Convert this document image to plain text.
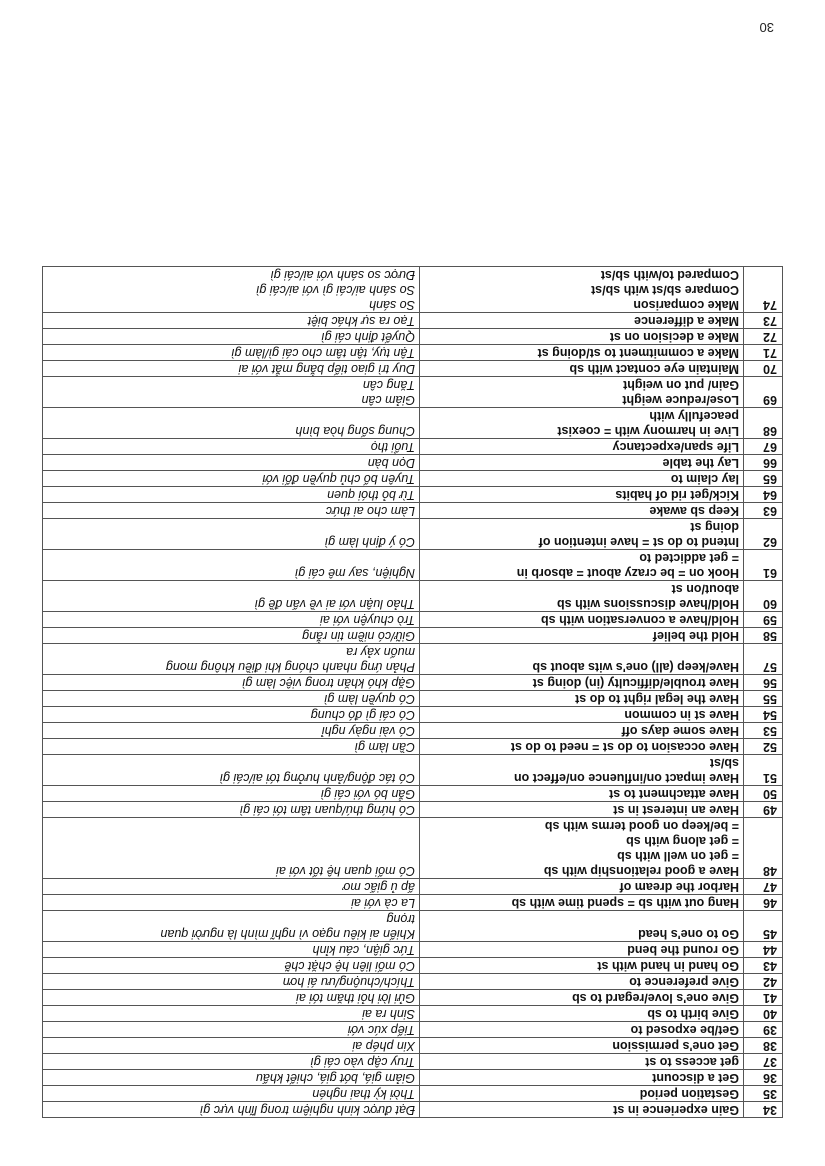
30
34	Gain experience in st	Đạt được kinh nghiệm trong lĩnh vực gì

35	Gestation period	Thời kỳ thai nghén

36	Get a discount	Giảm giá, bớt giá, chiết khấu

37	get access to st	Truy cập vào cái gì

38	Get one's permission	Xin phép ai

39	Get/be exposed to	Tiếp xúc với

40	Give birth to sb	Sinh ra ai

41	Give one's love/regard to sb	Gửi lời hỏi thăm tới ai

42	Give preference to	Thích/chuộng/ưu ái hơn

43	Go hand in hand with st	Có mối liên hệ chặt chẽ

44	Go round the bend	Tức giận, cáu kỉnh

45	Go to one's head	Khiến ai kiêu ngạo vì nghĩ mình là người quan
trọng

46	Hang out with sb = spend time with sb	La cà với ai

47	Harbor the dream of	ấp ủ giấc mơ

48	Have a good relationship with sb
= get on well with sb
= get along with sb
= be/keep on good terms with sb	Có mối quan hệ tốt với ai

49	Have an interest in st	Có hứng thú/quan tâm tới cái gì

50	Have attachment to st	Gắn bó với cái gì

51	Have impact on/influence on/effect on
sb/st	Có tác động/ảnh hưởng tới ai/cái gì

52	Have occasion to do st = need to do st	Cần làm gì

53	Have some days off	Có vài ngày nghỉ

54	Have st in common	Có cái gì đó chung

55	Have the legal right to do st	Có quyền làm gì

56	Have trouble/difficulty (in) doing st	Gặp khó khăn trong việc làm gì

57	Have/keep (all) one's wits about sb	Phản ứng nhanh chóng khi điều không mong
muốn xảy ra

58	Hold the belief	Giữ/có niềm tin rằng

59	Hold/have a conversation with sb	Trò chuyện với ai

60	Hold/have discussions with sb
about/on st	Thảo luận với ai về vấn đề gì

61	Hook on = be crazy about = absorb in
= get addicted to	Nghiện, say mê cái gì

62	Intend to do st = have intention of
doing st	Có ý định làm gì

63	Keep sb awake	Làm cho ai thức

64	Kick/get rid of habits	Từ bỏ thói quen

65	lay claim to	Tuyên bố chủ quyền đối với

66	Lay the table	Dọn bàn

67	Life span/expectancy	Tuổi thọ

68	Live in harmony with = coexist
peacefully with	Chung sống hòa bình

69	Lose/reduce weight
Gain/ put on weight	Giảm cân
Tăng cân

70	Maintain eye contact with sb	Duy trì giao tiếp bằng mắt với ai

71	Make a commitment to st/doing st	Tận tụy, tận tâm cho cái gì/làm gì

72	Make a decision on st	Quyết định cái gì

73	Make a difference	Tạo ra sự khác biệt

74	Make comparison
Compare sb/st with sb/st
Compared to/with sb/st	So sánh
So sánh ai/cái gì với ai/cái gì
Được so sánh với ai/cái gì
